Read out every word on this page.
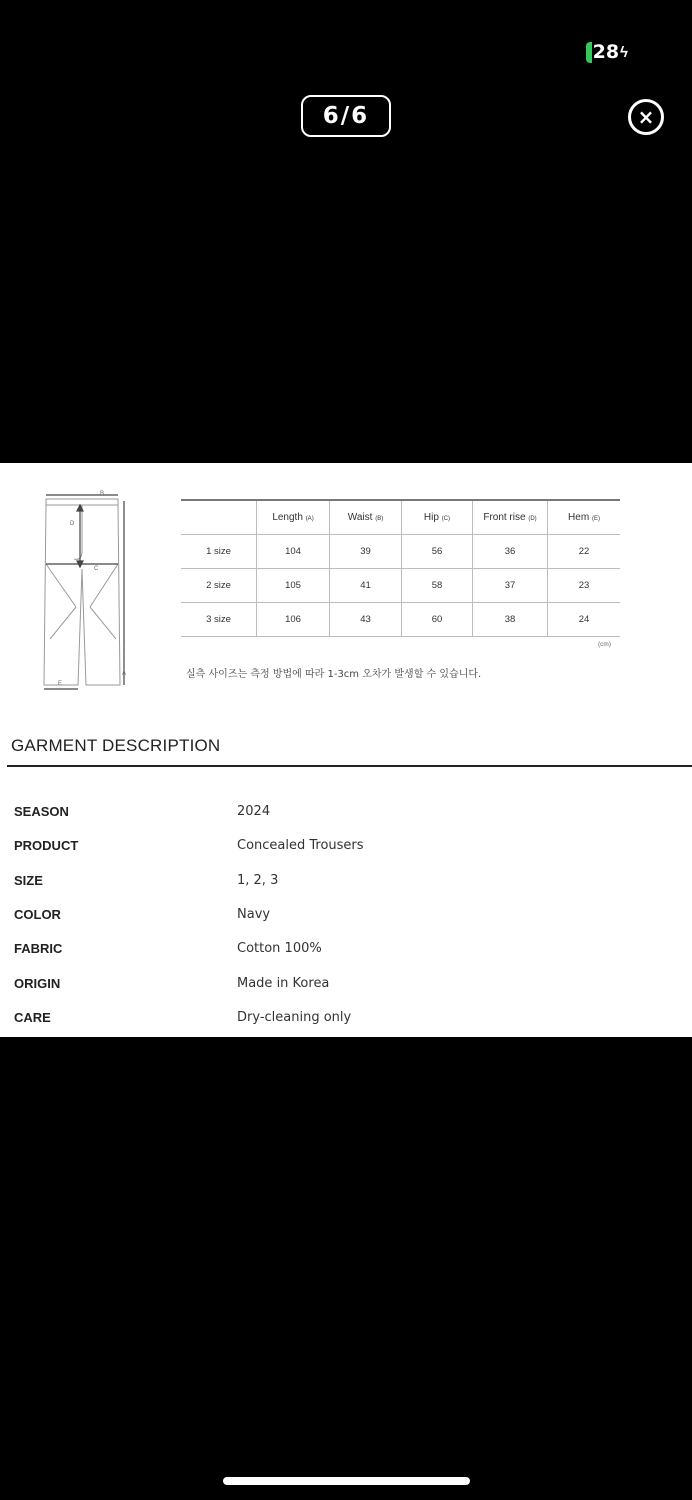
28 ϟ
6/6	×
B
D
C
A
E
	Length (A)	Waist (B)	Hip (C)	Front rise (D)	Hem (E)
1 size	104	39	56	36	22
2 size	105	41	58	37	23
3 size	106	43	60	38	24
(cm)
실측 사이즈는 측정 방법에 따라 1-3cm 오차가 발생할 수 있습니다.
GARMENT DESCRIPTION
SEASON	2024
PRODUCT	Concealed Trousers
SIZE	1, 2, 3
COLOR	Navy
FABRIC	Cotton 100%
ORIGIN	Made in Korea
CARE	Dry-cleaning only
